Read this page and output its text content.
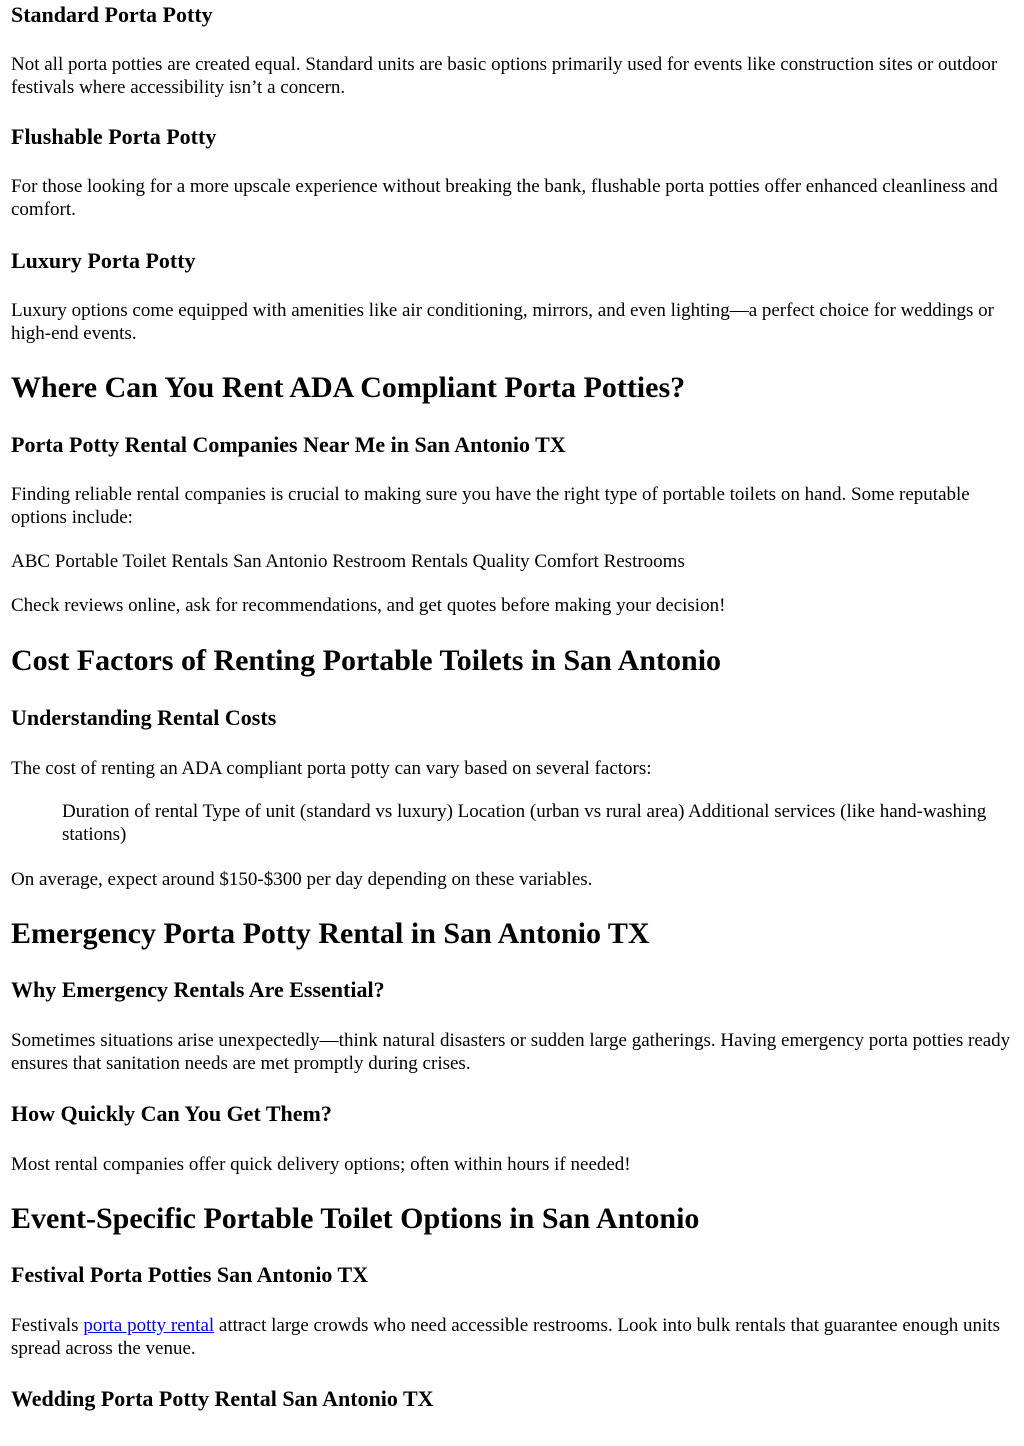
Standard Porta Potty

Not all porta potties are created equal. Standard units are basic options primarily used for events like construction sites or outdoor festivals where accessibility isn’t a concern.

Flushable Porta Potty

For those looking for a more upscale experience without breaking the bank, flushable porta potties offer enhanced cleanliness and comfort.

Luxury Porta Potty

Luxury options come equipped with amenities like air conditioning, mirrors, and even lighting—a perfect choice for weddings or high-end events.

Where Can You Rent ADA Compliant Porta Potties?
Porta Potty Rental Companies Near Me in San Antonio TX

Finding reliable rental companies is crucial to making sure you have the right type of portable toilets on hand. Some reputable options include:

ABC Portable Toilet Rentals San Antonio Restroom Rentals Quality Comfort Restrooms

Check reviews online, ask for recommendations, and get quotes before making your decision!

Cost Factors of Renting Portable Toilets in San Antonio
Understanding Rental Costs

The cost of renting an ADA compliant porta potty can vary based on several factors:

Duration of rental Type of unit (standard vs luxury) Location (urban vs rural area) Additional services (like hand-washing stations)

On average, expect around $150-$300 per day depending on these variables.

Emergency Porta Potty Rental in San Antonio TX
Why Emergency Rentals Are Essential?

Sometimes situations arise unexpectedly—think natural disasters or sudden large gatherings. Having emergency porta potties ready ensures that sanitation needs are met promptly during crises.

How Quickly Can You Get Them?

Most rental companies offer quick delivery options; often within hours if needed!

Event-Specific Portable Toilet Options in San Antonio
Festival Porta Potties San Antonio TX

Festivals porta potty rental attract large crowds who need accessible restrooms. Look into bulk rentals that guarantee enough units spread across the venue.

Wedding Porta Potty Rental San Antonio TX
